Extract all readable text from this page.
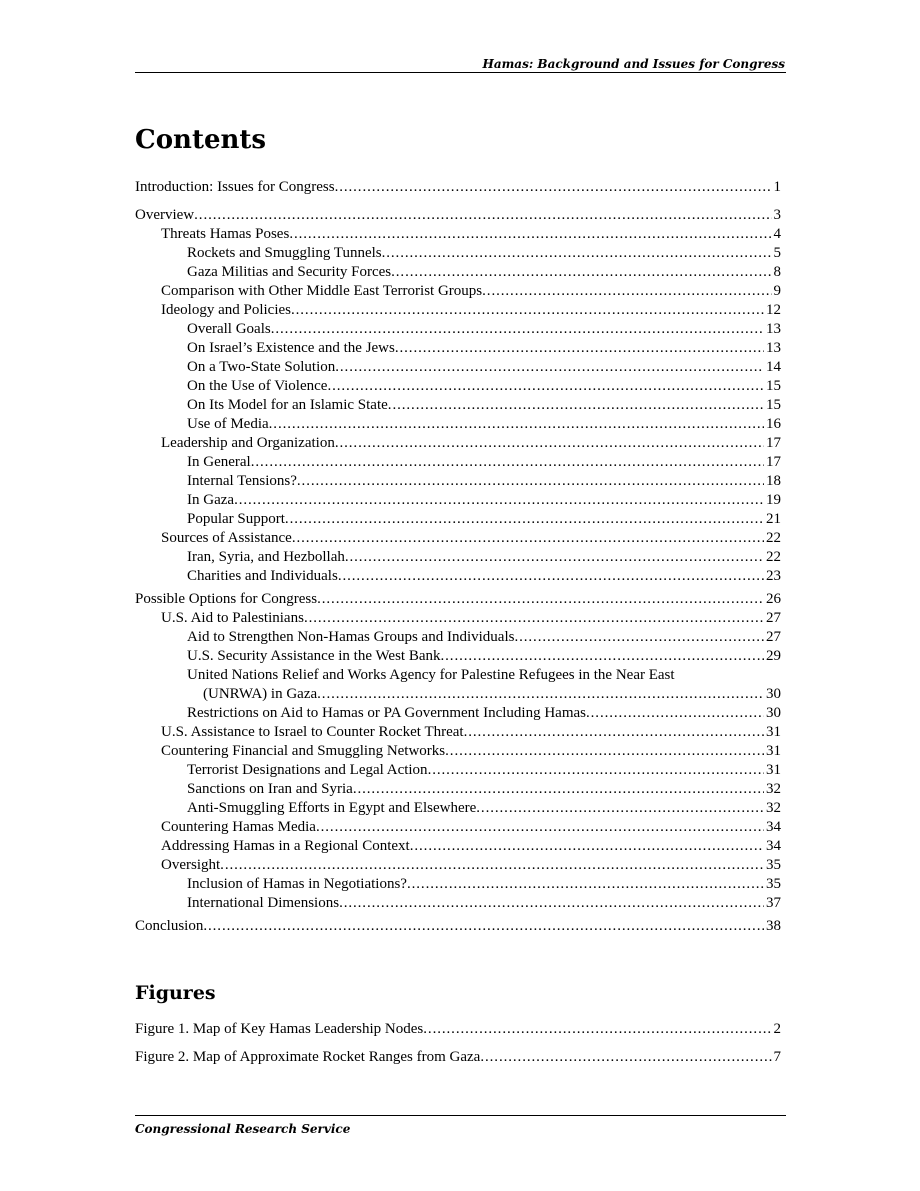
Hamas: Background and Issues for Congress
Contents
Introduction: Issues for Congress .....	1
Overview .....	3
Threats Hamas Poses .....	4
Rockets and Smuggling Tunnels .....	5
Gaza Militias and Security Forces .....	8
Comparison with Other Middle East Terrorist Groups .....	9
Ideology and Policies .....	12
Overall Goals .....	13
On Israel’s Existence and the Jews .....	13
On a Two-State Solution .....	14
On the Use of Violence .....	15
On Its Model for an Islamic State .....	15
Use of Media .....	16
Leadership and Organization .....	17
In General .....	17
Internal Tensions? .....	18
In Gaza .....	19
Popular Support .....	21
Sources of Assistance .....	22
Iran, Syria, and Hezbollah .....	22
Charities and Individuals .....	23
Possible Options for Congress .....	26
U.S. Aid to Palestinians .....	27
Aid to Strengthen Non-Hamas Groups and Individuals .....	27
U.S. Security Assistance in the West Bank .....	29
United Nations Relief and Works Agency for Palestine Refugees in the Near East
(UNRWA) in Gaza .....	30
Restrictions on Aid to Hamas or PA Government Including Hamas .....	30
U.S. Assistance to Israel to Counter Rocket Threat .....	31
Countering Financial and Smuggling Networks .....	31
Terrorist Designations and Legal Action .....	31
Sanctions on Iran and Syria .....	32
Anti-Smuggling Efforts in Egypt and Elsewhere .....	32
Countering Hamas Media .....	34
Addressing Hamas in a Regional Context .....	34
Oversight .....	35
Inclusion of Hamas in Negotiations? .....	35
International Dimensions .....	37
Conclusion .....	38
Figures
Figure 1. Map of Key Hamas Leadership Nodes .....	2
Figure 2. Map of Approximate Rocket Ranges from Gaza .....	7
Congressional Research Service
